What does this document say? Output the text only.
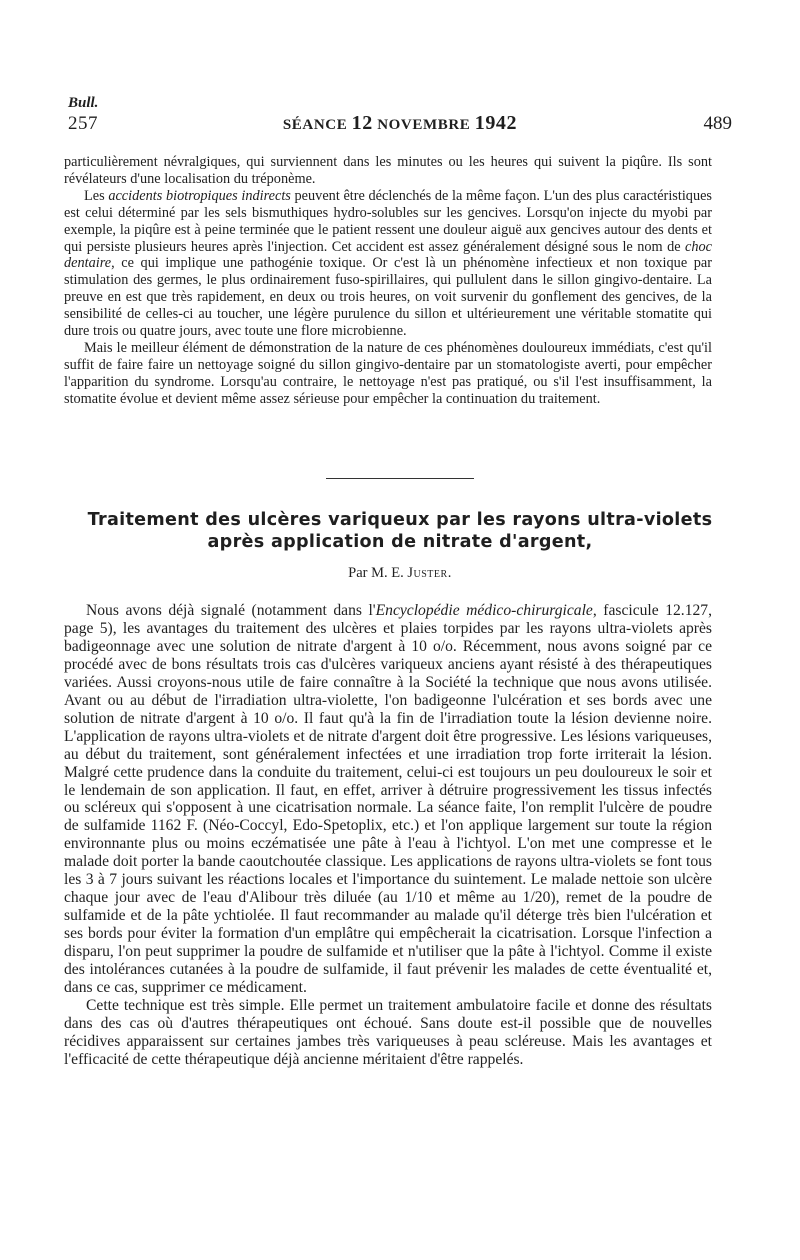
Bull.
257	SÉANCE 12 NOVEMBRE 1942	489

particulièrement névralgiques, qui surviennent dans les minutes ou les heures qui suivent la piqûre. Ils sont révélateurs d'une localisation du tréponème.

Les accidents biotropiques indirects peuvent être déclenchés de la même façon. L'un des plus caractéristiques est celui déterminé par les sels bismuthiques hydro-solubles sur les gencives. Lorsqu'on injecte du myobi par exemple, la piqûre est à peine terminée que le patient ressent une douleur aiguë aux gencives autour des dents et qui persiste plusieurs heures après l'injection. Cet accident est assez généralement désigné sous le nom de choc dentaire, ce qui implique une pathogénie toxique. Or c'est là un phénomène infectieux et non toxique par stimulation des germes, le plus ordinairement fuso-spirillaires, qui pullulent dans le sillon gingivo-dentaire. La preuve en est que très rapidement, en deux ou trois heures, on voit survenir du gonflement des gencives, de la sensibilité de celles-ci au toucher, une légère purulence du sillon et ultérieurement une véritable stomatite qui dure trois ou quatre jours, avec toute une flore microbienne.

Mais le meilleur élément de démonstration de la nature de ces phénomènes douloureux immédiats, c'est qu'il suffit de faire faire un nettoyage soigné du sillon gingivo-dentaire par un stomatologiste averti, pour empêcher l'apparition du syndrome. Lorsqu'au contraire, le nettoyage n'est pas pratiqué, ou s'il l'est insuffisamment, la stomatite évolue et devient même assez sérieuse pour empêcher la continuation du traitement.

Traitement des ulcères variqueux par les rayons ultra-violets
après application de nitrate d'argent,
Par M. E. Juster.

Nous avons déjà signalé (notamment dans l'Encyclopédie médico-chirurgicale, fascicule 12.127, page 5), les avantages du traitement des ulcères et plaies torpides par les rayons ultra-violets après badigeonnage avec une solution de nitrate d'argent à 10 o/o. Récemment, nous avons soigné par ce procédé avec de bons résultats trois cas d'ulcères variqueux anciens ayant résisté à des thérapeutiques variées. Aussi croyons-nous utile de faire connaître à la Société la technique que nous avons utilisée. Avant ou au début de l'irradiation ultra-violette, l'on badigeonne l'ulcération et ses bords avec une solution de nitrate d'argent à 10 o/o. Il faut qu'à la fin de l'irradiation toute la lésion devienne noire. L'application de rayons ultra-violets et de nitrate d'argent doit être progressive. Les lésions variqueuses, au début du traitement, sont généralement infectées et une irradiation trop forte irriterait la lésion. Malgré cette prudence dans la conduite du traitement, celui-ci est toujours un peu douloureux le soir et le lendemain de son application. Il faut, en effet, arriver à détruire progressivement les tissus infectés ou scléreux qui s'opposent à une cicatrisation normale. La séance faite, l'on remplit l'ulcère de poudre de sulfamide 1162 F. (Néo-Coccyl, Edo-Spetoplix, etc.) et l'on applique largement sur toute la région environnante plus ou moins eczématisée une pâte à l'eau à l'ichtyol. L'on met une compresse et le malade doit porter la bande caoutchoutée classique. Les applications de rayons ultra-violets se font tous les 3 à 7 jours suivant les réactions locales et l'importance du suintement. Le malade nettoie son ulcère chaque jour avec de l'eau d'Alibour très diluée (au 1/10 et même au 1/20), remet de la poudre de sulfamide et de la pâte ychtiolée. Il faut recommander au malade qu'il déterge très bien l'ulcération et ses bords pour éviter la formation d'un emplâtre qui empêcherait la cicatrisation. Lorsque l'infection a disparu, l'on peut supprimer la poudre de sulfamide et n'utiliser que la pâte à l'ichtyol. Comme il existe des intolérances cutanées à la poudre de sulfamide, il faut prévenir les malades de cette éventualité et, dans ce cas, supprimer ce médicament.

Cette technique est très simple. Elle permet un traitement ambulatoire facile et donne des résultats dans des cas où d'autres thérapeutiques ont échoué. Sans doute est-il possible que de nouvelles récidives apparaissent sur certaines jambes très variqueuses à peau scléreuse. Mais les avantages et l'efficacité de cette thérapeutique déjà ancienne méritaient d'être rappelés.
